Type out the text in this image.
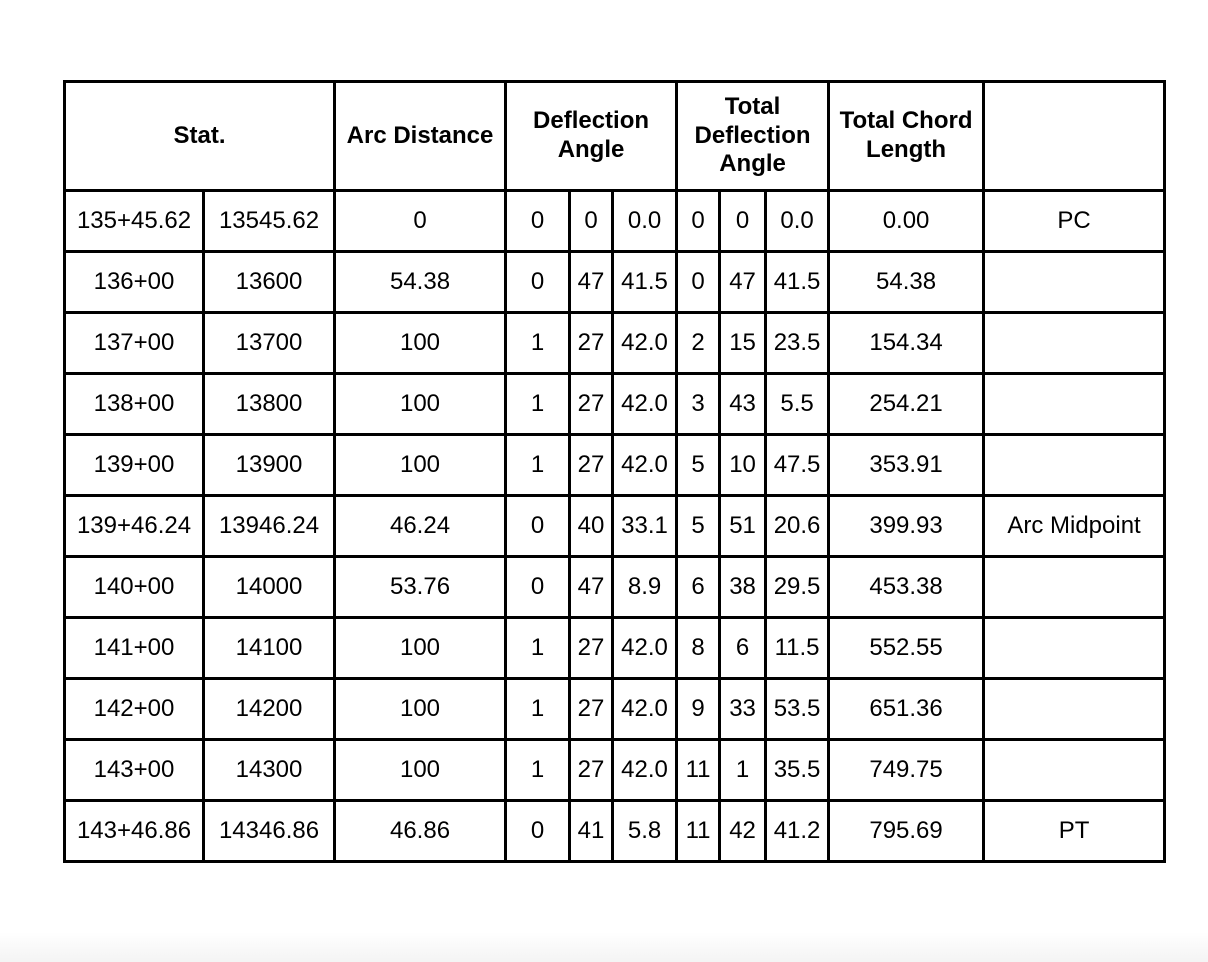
Stat.		Arc Distance	Deflection Angle			Total Deflection Angle			Total Chord Length	
135+45.62	13545.62	0	0	0	0.0	0	0	0.0	0.00	PC
136+00	13600	54.38	0	47	41.5	0	47	41.5	54.38	
137+00	13700	100	1	27	42.0	2	15	23.5	154.34	
138+00	13800	100	1	27	42.0	3	43	5.5	254.21	
139+00	13900	100	1	27	42.0	5	10	47.5	353.91	
139+46.24	13946.24	46.24	0	40	33.1	5	51	20.6	399.93	Arc Midpoint
140+00	14000	53.76	0	47	8.9	6	38	29.5	453.38	
141+00	14100	100	1	27	42.0	8	6	11.5	552.55	
142+00	14200	100	1	27	42.0	9	33	53.5	651.36	
143+00	14300	100	1	27	42.0	11	1	35.5	749.75	
143+46.86	14346.86	46.86	0	41	5.8	11	42	41.2	795.69	PT
